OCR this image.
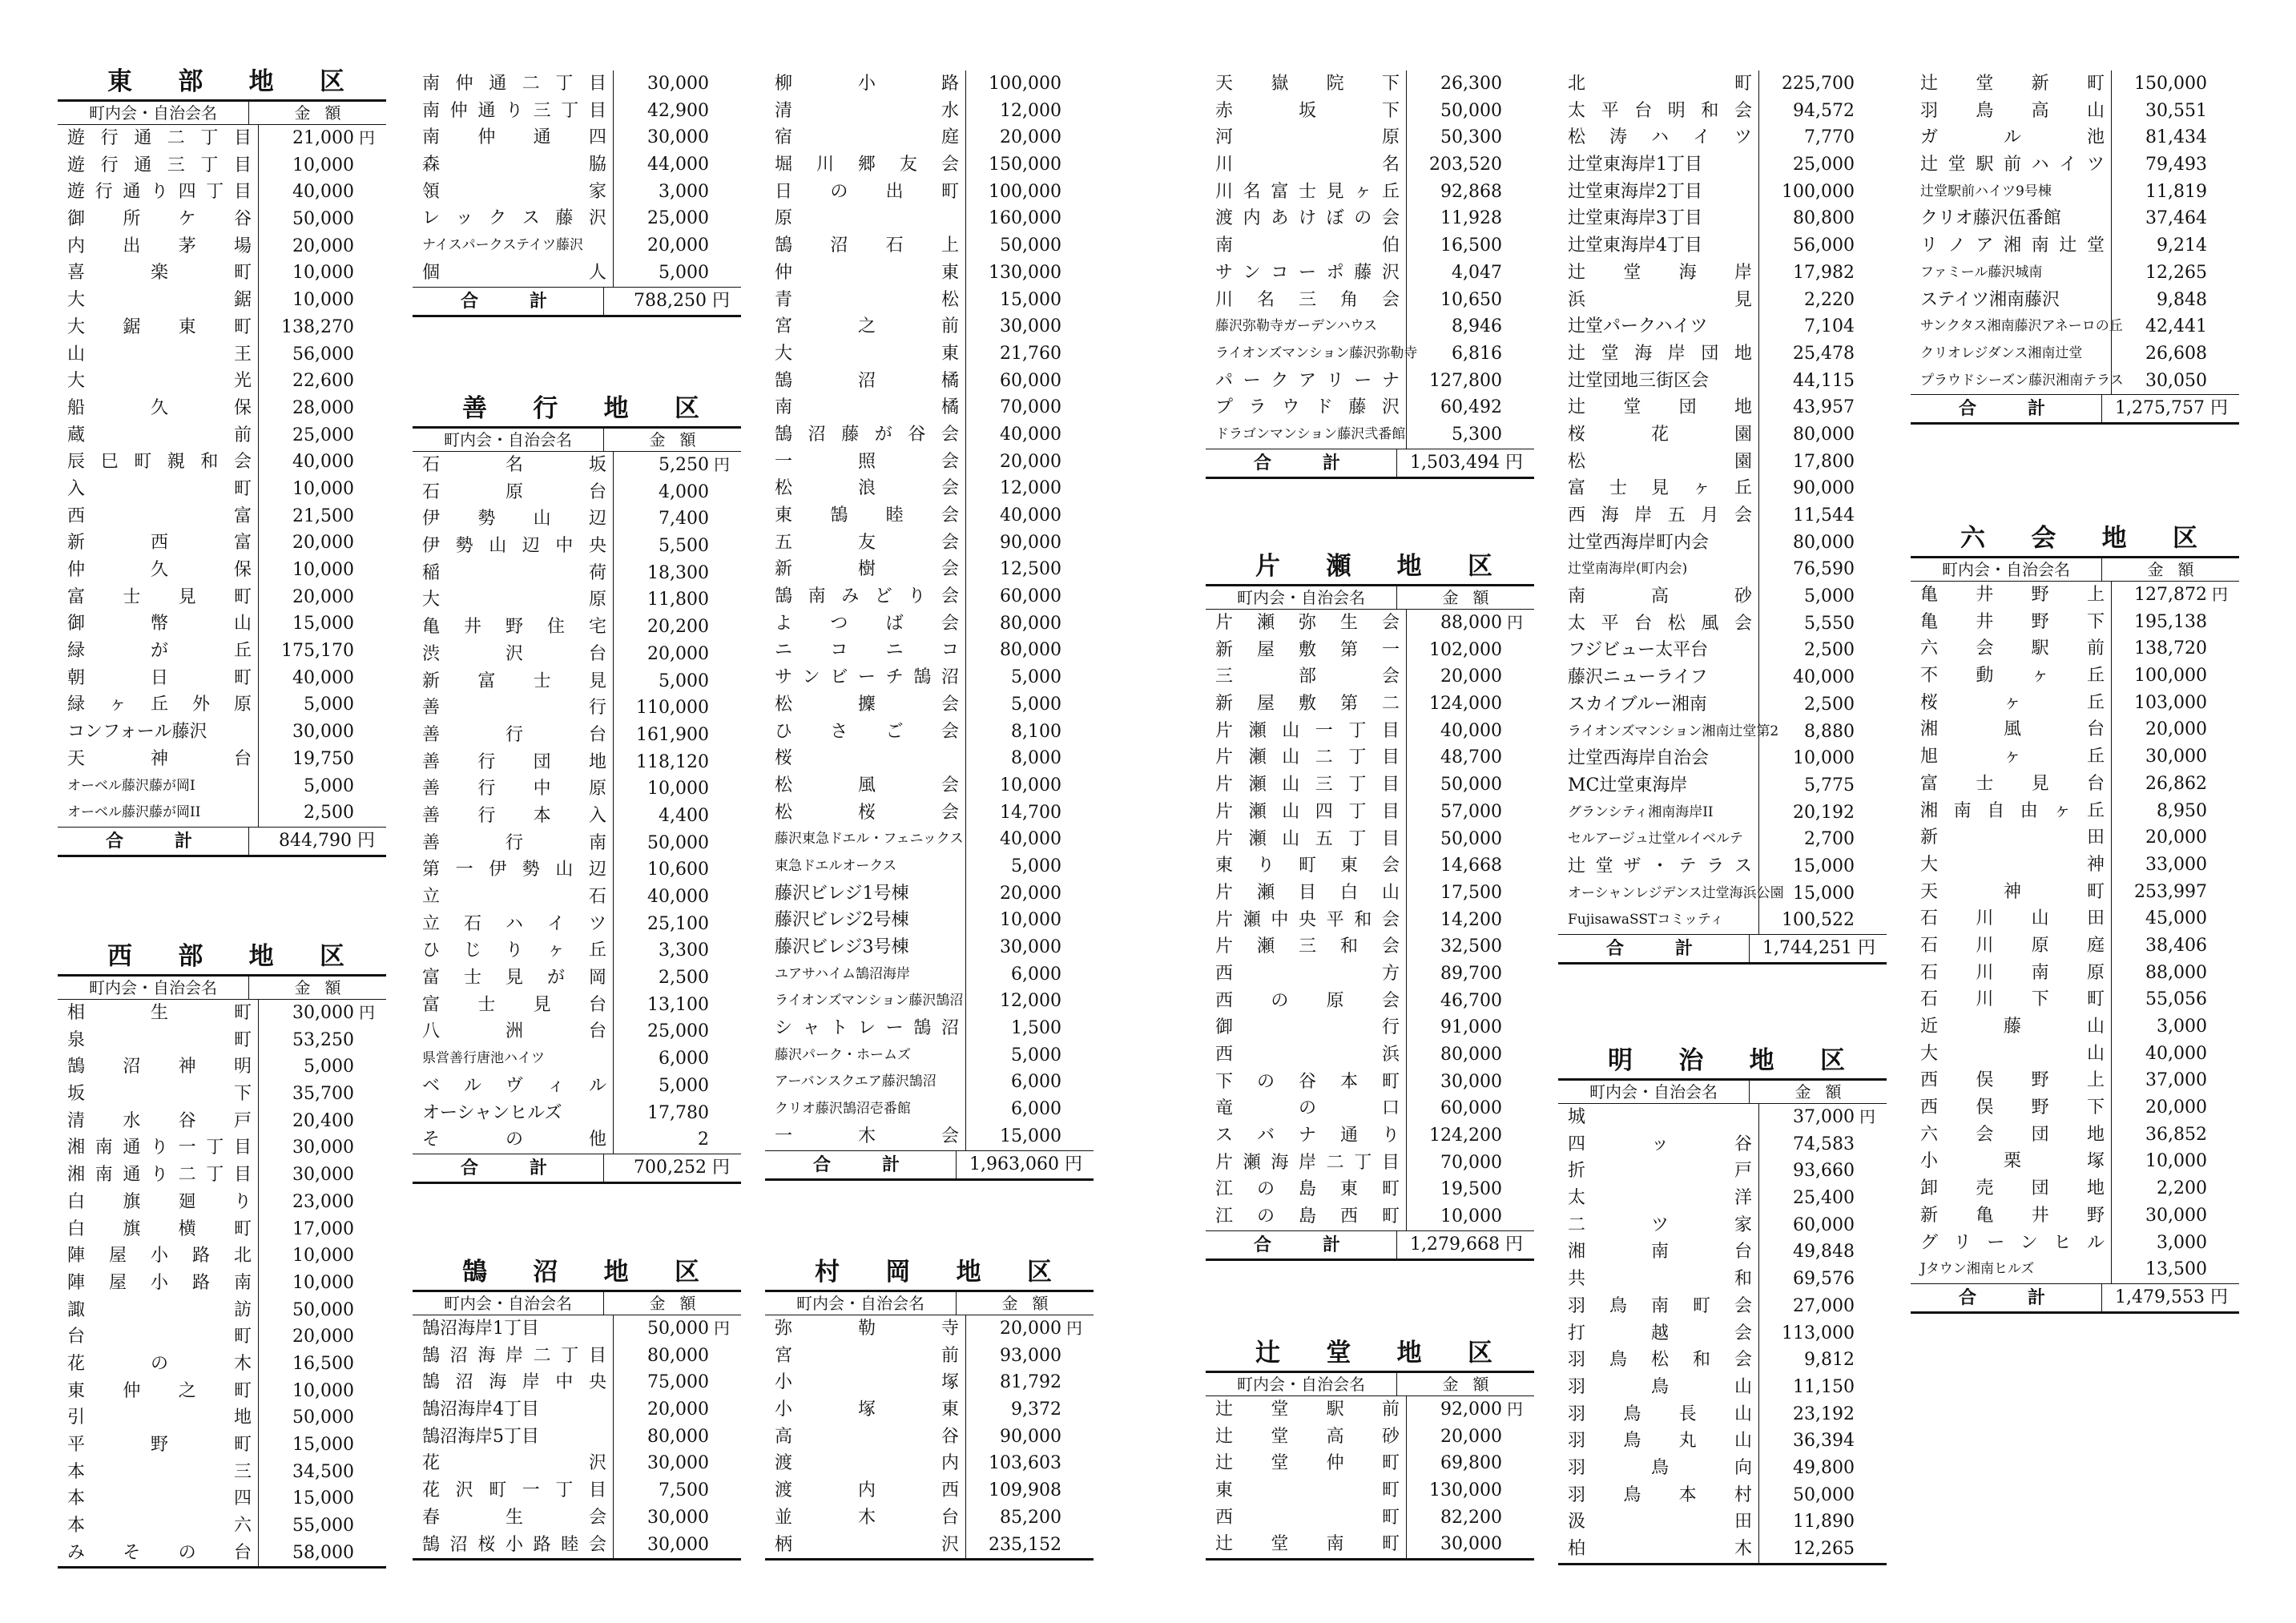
東 部 地 区
町内会・自治会名	金額
遊 行 通 二 丁 目	21,000 円
遊 行 通 三 丁 目	10,000
遊 行 通 り 四 丁 目	40,000
御 所 ケ 谷	50,000
内 出 茅 場	20,000
喜	楽	町	10,000
大	鋸	10,000
大 鋸 東 町	138,270
山	王	56,000
大	光	22,600
船	久	保	28,000
蔵	前	25,000
辰 巳 町 親 和 会	40,000
入	町	10,000
西	富	21,500
新	西	富	20,000
仲	久	保	10,000
富 士 見 町	20,000
御	幣	山	15,000
緑	が	丘	175,170
朝	日	町	40,000
緑 ヶ 丘 外 原	5,000
コンフォール藤沢	30,000
天	神	台	19,750
オーベル藤沢藤が岡I	5,000
オーベル藤沢藤が岡II	2,500
合	計	844,790 円
西 部 地 区
町内会・自治会名	金額
相	生	町	30,000 円
泉	町	53,250
鵠 沼 神 明	5,000
坂	下	35,700
清 水 谷 戸	20,400
湘 南 通 り 一 丁 目	30,000
湘 南 通 り 二 丁 目	30,000
白 旗 廻 り	23,000
白 旗 横 町	17,000
陣 屋 小 路 北	10,000
陣 屋 小 路 南	10,000
諏	訪	50,000
台	町	20,000
花	の	木	16,500
東 仲 之 町	10,000
引	地	50,000
平	野	町	15,000
本	三	34,500
本	四	15,000
本	六	55,000
み そ の 台	58,000
南 仲 通 二 丁 目	30,000
南 仲 通 り 三 丁 目	42,900
南 仲 通 四	30,000
森	脇	44,000
領	家	3,000
レ ッ ク ス 藤 沢	25,000
ナイスパークステイツ藤沢	20,000
個	人	5,000
合	計	788,250 円
善 行 地 区
町内会・自治会名	金額
石	名	坂	5,250 円
石	原	台	4,000
伊 勢 山 辺	7,400
伊 勢 山 辺 中 央	5,500
稲	荷	18,300
大	原	11,800
亀 井 野 住 宅	20,200
渋	沢	台	20,000
新 富 士 見	5,000
善	行	110,000
善	行	台	161,900
善 行 団 地	118,120
善 行 中 原	10,000
善 行 本 入	4,400
善	行	南	50,000
第 一 伊 勢 山 辺	10,600
立	石	40,000
立 石 ハ イ ツ	25,100
ひ じ り ヶ 丘	3,300
富 士 見 が 岡	2,500
富 士 見 台	13,100
八	洲	台	25,000
県営善行唐池ハイツ	6,000
ベ ル ヴ ィ ル	5,000
オーシャンヒルズ	17,780
そ	の	他	2
合	計	700,252 円
鵠 沼 地 区
町内会・自治会名	金額
鵠沼海岸1丁目	50,000 円
鵠 沼 海 岸 二 丁 目	80,000
鵠 沼 海 岸 中 央	75,000
鵠沼海岸4丁目	20,000
鵠沼海岸5丁目	80,000
花	沢	30,000
花 沢 町 一 丁 目	7,500
春	生	会	30,000
鵠 沼 桜 小 路 睦 会	30,000
柳	小	路	100,000
清	水	12,000
宿	庭	20,000
堀 川 郷 友 会	150,000
日 の 出 町	100,000
原	160,000
鵠 沼 石 上	50,000
仲	東	130,000
青	松	15,000
宮	之	前	30,000
大	東	21,760
鵠	沼	橘	60,000
南	橘	70,000
鵠 沼 藤 が 谷 会	40,000
一	照	会	20,000
松	浪	会	12,000
東 鵠 睦 会	40,000
五	友	会	90,000
新	樹	会	12,500
鵠 南 み ど り 会	60,000
よ つ ば 会	80,000
ニ コ ニ コ	80,000
サ ン ビ ー チ 鵠 沼	5,000
松	攈	会	5,000
ひ さ ご 会	8,100
桜	8,000
松	風	会	10,000
松	桜	会	14,700
藤沢東急ドエル・フェニックス	40,000
東急ドエルオークス	5,000
藤沢ビレジ1号棟	20,000
藤沢ビレジ2号棟	10,000
藤沢ビレジ3号棟	30,000
ユアサハイム鵠沼海岸	6,000
ライオンズマンション藤沢鵠沼	12,000
シ ャ ト レ ー 鵠 沼	1,500
藤沢パーク・ホームズ	5,000
アーバンスクエア藤沢鵠沼	6,000
クリオ藤沢鵠沼壱番館	6,000
一	木	会	15,000
合	計	1,963,060 円
村 岡 地 区
町内会・自治会名	金額
弥	勒	寺	20,000 円
宮	前	93,000
小	塚	81,792
小	塚	東	9,372
高	谷	90,000
渡	内	103,603
渡	内	西	109,908
並	木	台	85,200
柄	沢	235,152
天 嶽 院 下	26,300
赤	坂	下	50,000
河	原	50,300
川	名	203,520
川 名 富 士 見 ヶ 丘	92,868
渡 内 あ け ぼ の 会	11,928
南	伯	16,500
サ ン コ ー ポ 藤 沢	4,047
川 名 三 角 会	10,650
藤沢弥勒寺ガーデンハウス	8,946
ライオンズマンション藤沢弥勒寺	6,816
パ ー ク ア リ ー ナ	127,800
プ ラ ウ ド 藤 沢	60,492
ドラゴンマンション藤沢弐番館	5,300
合	計	1,503,494 円
片 瀬 地 区
町内会・自治会名	金額
片 瀬 弥 生 会	88,000 円
新 屋 敷 第 一	102,000
三	部	会	20,000
新 屋 敷 第 二	124,000
片 瀬 山 一 丁 目	40,000
片 瀬 山 二 丁 目	48,700
片 瀬 山 三 丁 目	50,000
片 瀬 山 四 丁 目	57,000
片 瀬 山 五 丁 目	50,000
東 り 町 東 会	14,668
片 瀬 目 白 山	17,500
片 瀬 中 央 平 和 会	14,200
片 瀬 三 和 会	32,500
西	方	89,700
西 の 原 会	46,700
御	行	91,000
西	浜	80,000
下 の 谷 本 町	30,000
竜	の	口	60,000
ス バ ナ 通 り	124,200
片 瀬 海 岸 二 丁 目	70,000
江 の 島 東 町	19,500
江 の 島 西 町	10,000
合	計	1,279,668 円
辻 堂 地 区
町内会・自治会名	金額
辻 堂 駅 前	92,000 円
辻 堂 高 砂	20,000
辻 堂 仲 町	69,800
東	町	130,000
西	町	82,200
辻 堂 南 町	30,000
北	町	225,700
太 平 台 明 和 会	94,572
松 涛 ハ イ ツ	7,770
辻堂東海岸1丁目	25,000
辻堂東海岸2丁目	100,000
辻堂東海岸3丁目	80,800
辻堂東海岸4丁目	56,000
辻 堂 海 岸	17,982
浜	見	2,220
辻堂パークハイツ	7,104
辻 堂 海 岸 団 地	25,478
辻堂団地三街区会	44,115
辻 堂 団 地	43,957
桜	花	園	80,000
松	園	17,800
富 士 見 ヶ 丘	90,000
西 海 岸 五 月 会	11,544
辻堂西海岸町内会	80,000
辻堂南海岸(町内会)	76,590
南	高	砂	5,000
太 平 台 松 風 会	5,550
フジビュー太平台	2,500
藤沢ニューライフ	40,000
スカイブルー湘南	2,500
ライオンズマンション湘南辻堂第2	8,880
辻堂西海岸自治会	10,000
MC辻堂東海岸	5,775
グランシティ湘南海岸II	20,192
セルアージュ辻堂ルイベルテ	2,700
辻 堂 ザ ・ テ ラ ス	15,000
オーシャンレジデンス辻堂海浜公園 15,000
FujisawaSSTコミッティ	100,522
合	計	1,744,251 円
明 治 地 区
町内会・自治会名	金額
城	37,000 円
四	ッ	谷	74,583
折	戸	93,660
太	洋	25,400
二	ツ	家	60,000
湘	南	台	49,848
共	和	69,576
羽 鳥 南 町 会	27,000
打	越	会	113,000
羽 鳥 松 和 会	9,812
羽	鳥	山	11,150
羽 鳥 長 山	23,192
羽 鳥 丸 山	36,394
羽	鳥	向	49,800
羽 鳥 本 村	50,000
汲	田	11,890
柏	木	12,265
辻 堂 新 町	150,000
羽 鳥 高 山	30,551
ガ	ル	池	81,434
辻 堂 駅 前 ハ イ ツ	79,493
辻堂駅前ハイツ9号棟	11,819
クリオ藤沢伍番館	37,464
リ ノ ア 湘 南 辻 堂	9,214
ファミール藤沢城南	12,265
ステイツ湘南藤沢	9,848
サンクタス湘南藤沢アネーロの丘	42,441
クリオレジダンス湘南辻堂	26,608
プラウドシーズン藤沢湘南テラス	30,050
合	計	1,275,757 円
六 会 地 区
町内会・自治会名	金額
亀 井 野 上	127,872 円
亀 井 野 下	195,138
六 会 駅 前	138,720
不 動 ヶ 丘	100,000
桜	ヶ	丘	103,000
湘	風	台	20,000
旭	ヶ	丘	30,000
富 士 見 台	26,862
湘 南 自 由 ヶ 丘	8,950
新	田	20,000
大	神	33,000
天	神	町	253,997
石 川 山 田	45,000
石 川 原 庭	38,406
石 川 南 原	88,000
石 川 下 町	55,056
近	藤	山	3,000
大	山	40,000
西 俣 野 上	37,000
西 俣 野 下	20,000
六 会 団 地	36,852
小	栗	塚	10,000
卸 売 団 地	2,200
新 亀 井 野	30,000
グ リ ー ン ヒ ル	3,000
Jタウン湘南ヒルズ	13,500
合	計	1,479,553 円
